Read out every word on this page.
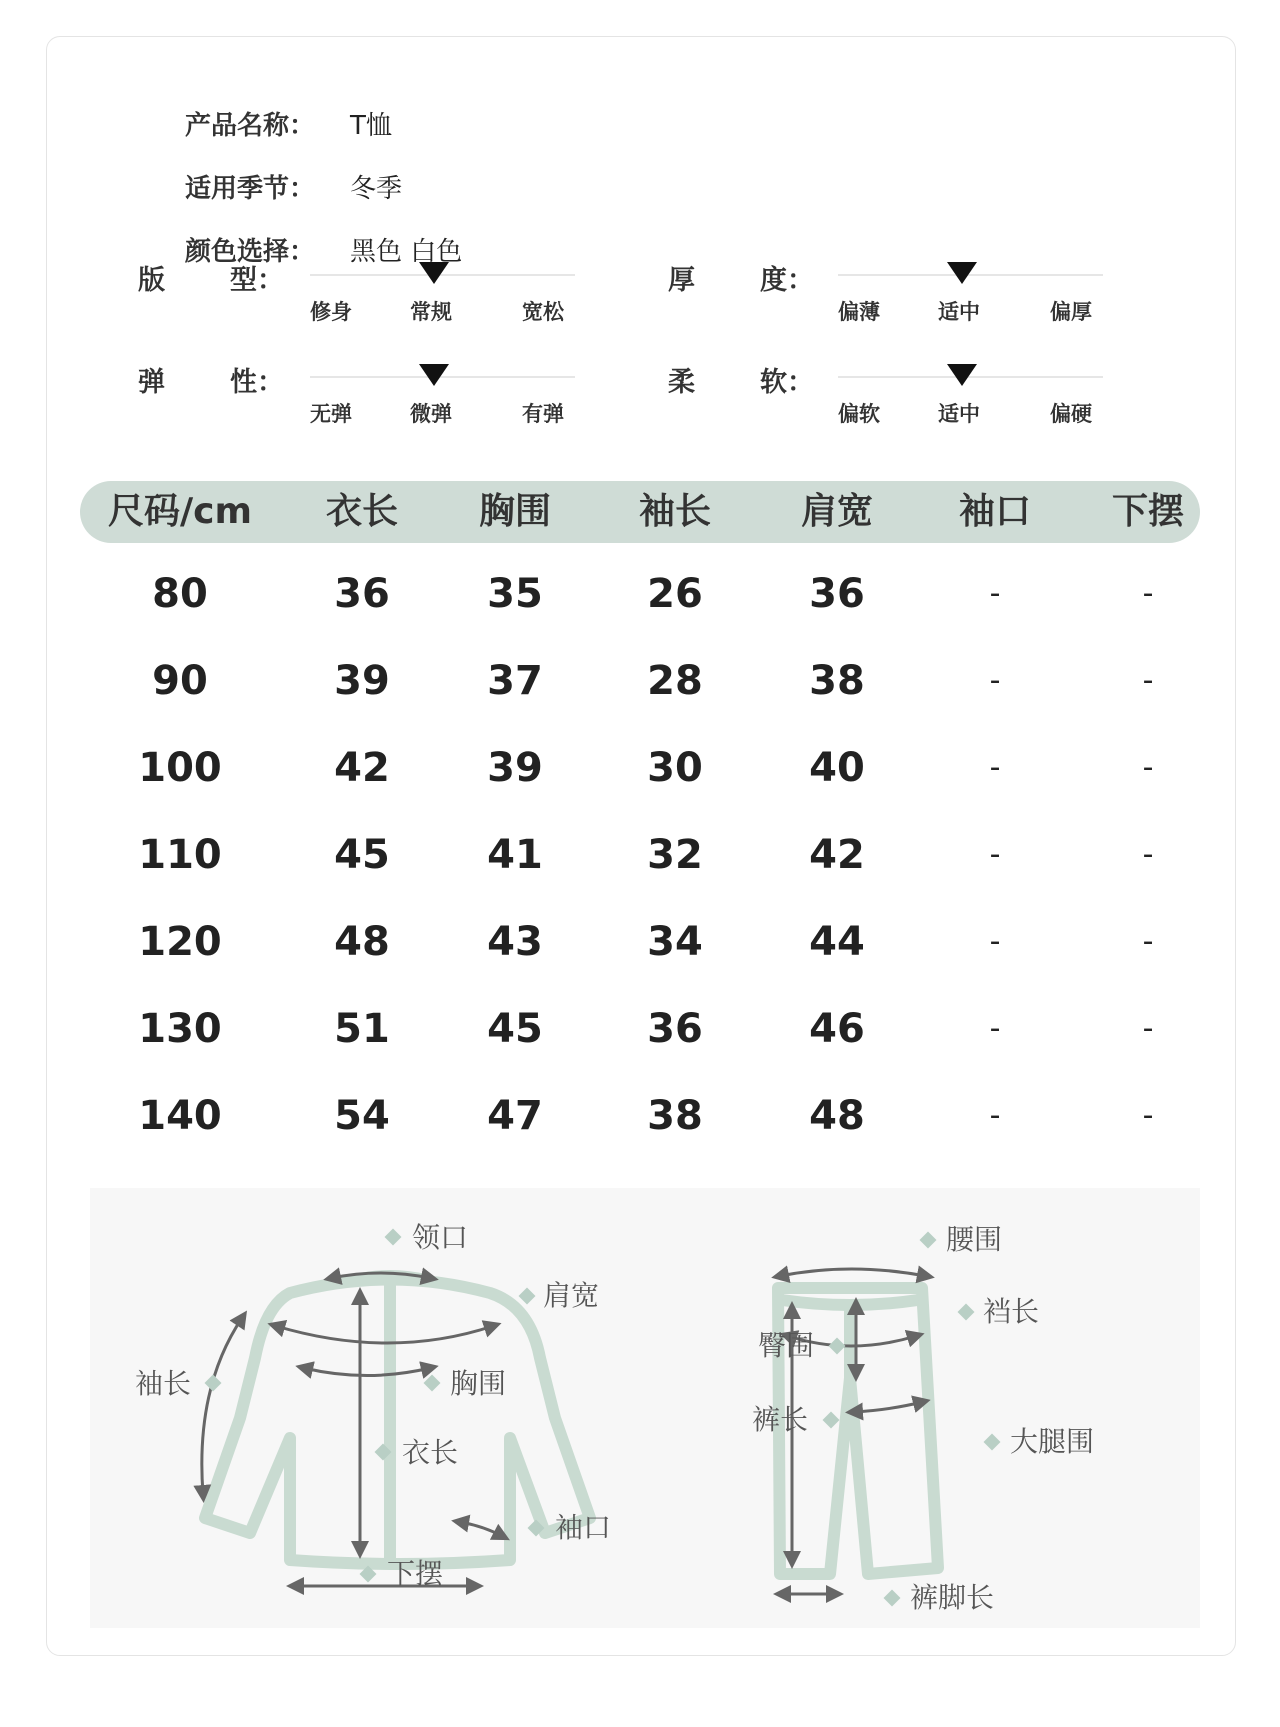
产品名称： T恤
适用季节： 冬季
颜色选择： 黑色 白色
版 型：
修身	常规	宽松
厚 度：
偏薄	适中	偏厚
弹 性：
无弹	微弹	有弹
柔 软：
偏软	适中	偏硬
尺码/cm	衣长	胸围	袖长	肩宽	袖口	下摆
80	36	35	26	36	-	-
90	39	37	28	38	-	-
100	42	39	30	40	-	-
110	45	41	32	42	-	-
120	48	43	34	44	-	-
130	51	45	36	46	-	-
140	54	47	38	48	-	-
领口
肩宽
袖长	胸围
衣长
袖口
下摆
腰围
裆长
臀围
裤长
大腿围
裤脚长
